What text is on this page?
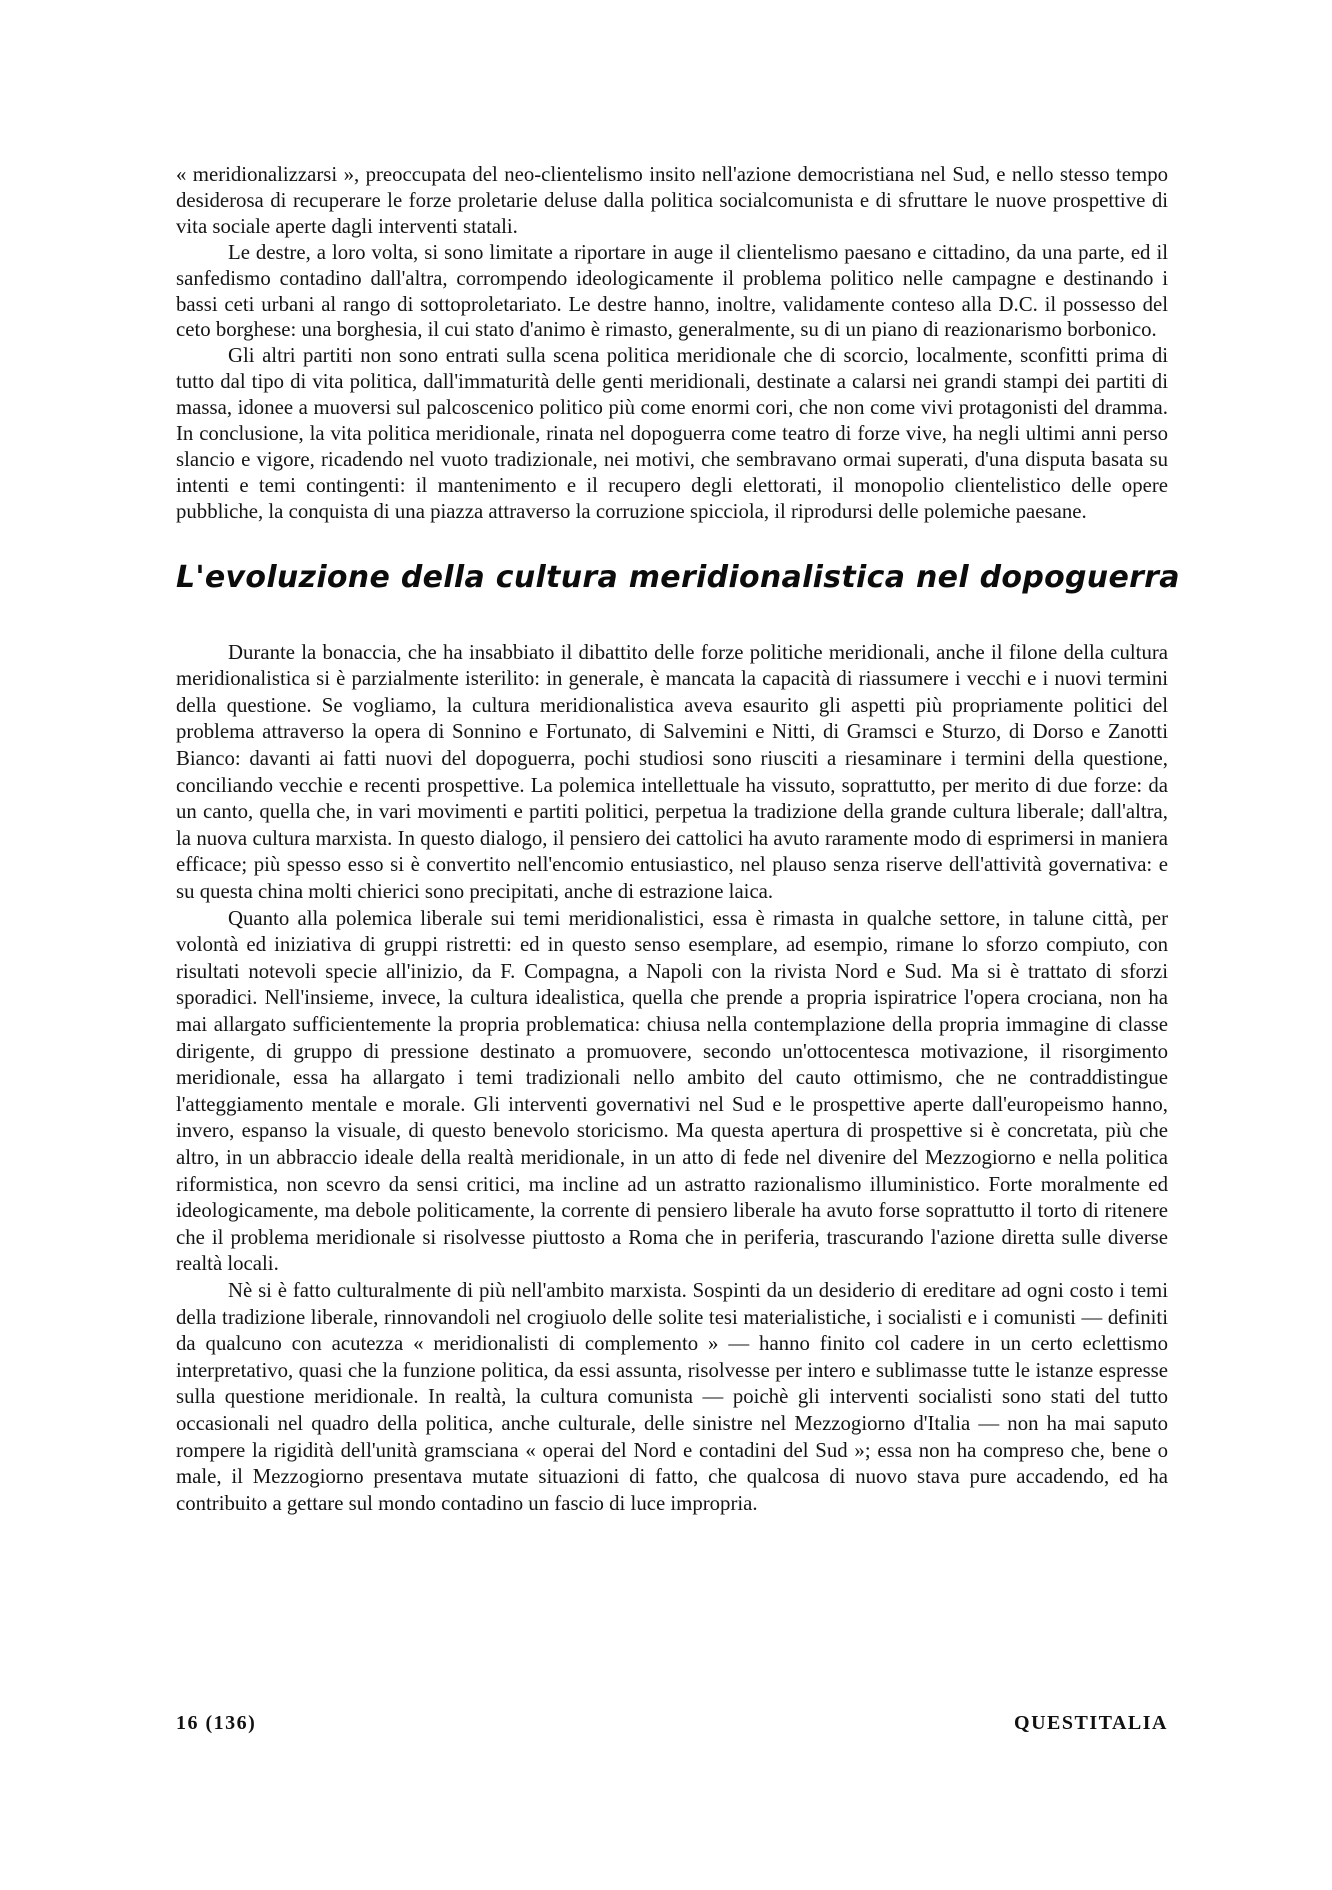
« meridionalizzarsi », preoccupata del neo-clientelismo insito nell'azione democristiana nel Sud, e nello stesso tempo desiderosa di recuperare le forze proletarie deluse dalla politica socialcomunista e di sfruttare le nuove prospettive di vita sociale aperte dagli interventi statali.

Le destre, a loro volta, si sono limitate a riportare in auge il clientelismo paesano e cittadino, da una parte, ed il sanfedismo contadino dall'altra, corrompendo ideologicamente il problema politico nelle campagne e destinando i bassi ceti urbani al rango di sottoproletariato. Le destre hanno, inoltre, validamente conteso alla D.C. il possesso del ceto borghese: una borghesia, il cui stato d'animo è rimasto, generalmente, su di un piano di reazionarismo borbonico.

Gli altri partiti non sono entrati sulla scena politica meridionale che di scorcio, localmente, sconfitti prima di tutto dal tipo di vita politica, dall'immaturità delle genti meridionali, destinate a calarsi nei grandi stampi dei partiti di massa, idonee a muoversi sul palcoscenico politico più come enormi cori, che non come vivi protagonisti del dramma. In conclusione, la vita politica meridionale, rinata nel dopoguerra come teatro di forze vive, ha negli ultimi anni perso slancio e vigore, ricadendo nel vuoto tradizionale, nei motivi, che sembravano ormai superati, d'una disputa basata su intenti e temi contingenti: il mantenimento e il recupero degli elettorati, il monopolio clientelistico delle opere pubbliche, la conquista di una piazza attraverso la corruzione spicciola, il riprodursi delle polemiche paesane.

L'evoluzione della cultura meridionalistica nel dopoguerra

Durante la bonaccia, che ha insabbiato il dibattito delle forze politiche meridionali, anche il filone della cultura meridionalistica si è parzialmente isterilito: in generale, è mancata la capacità di riassumere i vecchi e i nuovi termini della questione. Se vogliamo, la cultura meridionalistica aveva esaurito gli aspetti più propriamente politici del problema attraverso la opera di Sonnino e Fortunato, di Salvemini e Nitti, di Gramsci e Sturzo, di Dorso e Zanotti Bianco: davanti ai fatti nuovi del dopoguerra, pochi studiosi sono riusciti a riesaminare i termini della questione, conciliando vecchie e recenti prospettive. La polemica intellettuale ha vissuto, soprattutto, per merito di due forze: da un canto, quella che, in vari movimenti e partiti politici, perpetua la tradizione della grande cultura liberale; dall'altra, la nuova cultura marxista. In questo dialogo, il pensiero dei cattolici ha avuto raramente modo di esprimersi in maniera efficace; più spesso esso si è convertito nell'encomio entusiastico, nel plauso senza riserve dell'attività governativa: e su questa china molti chierici sono precipitati, anche di estrazione laica.

Quanto alla polemica liberale sui temi meridionalistici, essa è rimasta in qualche settore, in talune città, per volontà ed iniziativa di gruppi ristretti: ed in questo senso esemplare, ad esempio, rimane lo sforzo compiuto, con risultati notevoli specie all'inizio, da F. Compagna, a Napoli con la rivista Nord e Sud. Ma si è trattato di sforzi sporadici. Nell'insieme, invece, la cultura idealistica, quella che prende a propria ispiratrice l'opera crociana, non ha mai allargato sufficientemente la propria problematica: chiusa nella contemplazione della propria immagine di classe dirigente, di gruppo di pressione destinato a promuovere, secondo un'ottocentesca motivazione, il risorgimento meridionale, essa ha allargato i temi tradizionali nello ambito del cauto ottimismo, che ne contraddistingue l'atteggiamento mentale e morale. Gli interventi governativi nel Sud e le prospettive aperte dall'europeismo hanno, invero, espanso la visuale, di questo benevolo storicismo. Ma questa apertura di prospettive si è concretata, più che altro, in un abbraccio ideale della realtà meridionale, in un atto di fede nel divenire del Mezzogiorno e nella politica riformistica, non scevro da sensi critici, ma incline ad un astratto razionalismo illuministico. Forte moralmente ed ideologicamente, ma debole politicamente, la corrente di pensiero liberale ha avuto forse soprattutto il torto di ritenere che il problema meridionale si risolvesse piuttosto a Roma che in periferia, trascurando l'azione diretta sulle diverse realtà locali.

Nè si è fatto culturalmente di più nell'ambito marxista. Sospinti da un desiderio di ereditare ad ogni costo i temi della tradizione liberale, rinnovandoli nel crogiuolo delle solite tesi materialistiche, i socialisti e i comunisti — definiti da qualcuno con acutezza « meridionalisti di complemento » — hanno finito col cadere in un certo eclettismo interpretativo, quasi che la funzione politica, da essi assunta, risolvesse per intero e sublimasse tutte le istanze espresse sulla questione meridionale. In realtà, la cultura comunista — poichè gli interventi socialisti sono stati del tutto occasionali nel quadro della politica, anche culturale, delle sinistre nel Mezzogiorno d'Italia — non ha mai saputo rompere la rigidità dell'unità gramsciana « operai del Nord e contadini del Sud »; essa non ha compreso che, bene o male, il Mezzogiorno presentava mutate situazioni di fatto, che qualcosa di nuovo stava pure accadendo, ed ha contribuito a gettare sul mondo contadino un fascio di luce impropria.

16 (136)	QUESTITALIA
